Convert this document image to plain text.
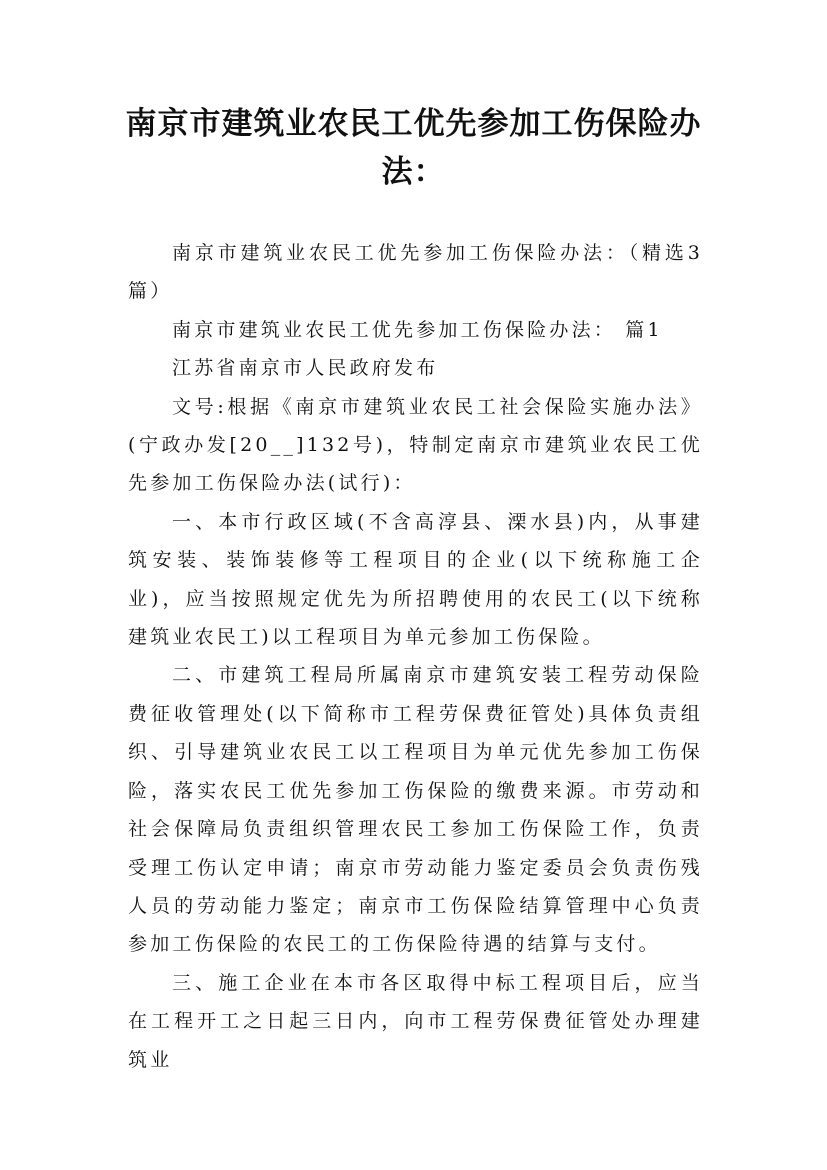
南京市建筑业农民工优先参加工伤保险办法：

南京市建筑业农民工优先参加工伤保险办法：（精选3篇）

南京市建筑业农民工优先参加工伤保险办法： 篇1

江苏省南京市人民政府发布

文号:根据《南京市建筑业农民工社会保险实施办法》(宁政办发[20__]132号)，特制定南京市建筑业农民工优先参加工伤保险办法(试行)：

一、本市行政区域(不含高淳县、溧水县)内，从事建筑安装、装饰装修等工程项目的企业(以下统称施工企业)，应当按照规定优先为所招聘使用的农民工(以下统称建筑业农民工)以工程项目为单元参加工伤保险。

二、市建筑工程局所属南京市建筑安装工程劳动保险费征收管理处(以下简称市工程劳保费征管处)具体负责组织、引导建筑业农民工以工程项目为单元优先参加工伤保险，落实农民工优先参加工伤保险的缴费来源。市劳动和社会保障局负责组织管理农民工参加工伤保险工作，负责受理工伤认定申请；南京市劳动能力鉴定委员会负责伤残人员的劳动能力鉴定；南京市工伤保险结算管理中心负责参加工伤保险的农民工的工伤保险待遇的结算与支付。

三、施工企业在本市各区取得中标工程项目后，应当在工程开工之日起三日内，向市工程劳保费征管处办理建筑业
